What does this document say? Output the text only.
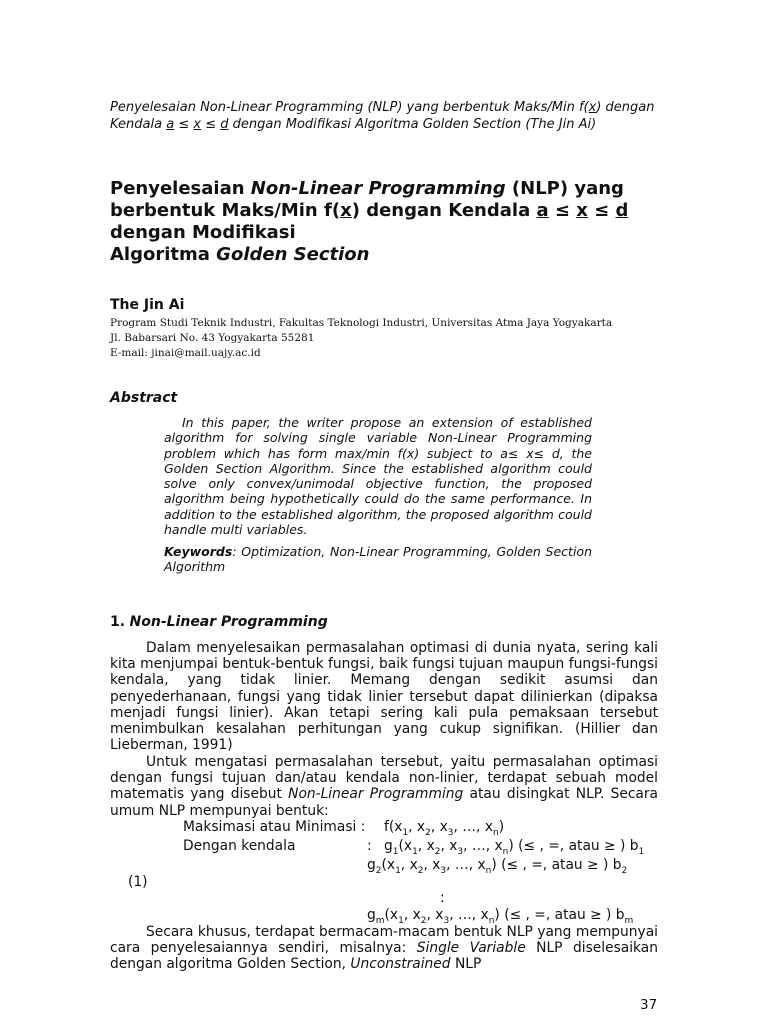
Penyelesaian Non-Linear Programming (NLP) yang berbentuk Maks/Min f(x) dengan
Kendala a ≤ x ≤ d dengan Modifikasi Algoritma Golden Section (The Jin Ai)
Penyelesaian Non-Linear Programming (NLP) yang
berbentuk Maks/Min f(x) dengan Kendala a ≤ x ≤ d
dengan Modifikasi
Algoritma Golden Section
The Jin Ai
Program Studi Teknik Industri, Fakultas Teknologi Industri, Universitas Atma Jaya Yogyakarta
Jl. Babarsari No. 43 Yogyakarta 55281
E-mail: jinai@mail.uajy.ac.id
Abstract

In this paper, the writer propose an extension of established algorithm for solving single variable Non-Linear Programming problem which has form max/min f(x) subject to a≤ x≤ d, the Golden Section Algorithm. Since the established algorithm could solve only convex/unimodal objective function, the proposed algorithm being hypothetically could do the same performance. In addition to the established algorithm, the proposed algorithm could handle multi variables.

Keywords: Optimization, Non-Linear Programming, Golden Section Algorithm
1. Non-Linear Programming

Dalam menyelesaikan permasalahan optimasi di dunia nyata, sering kali kita menjumpai bentuk-bentuk fungsi, baik fungsi tujuan maupun fungsi-fungsi kendala, yang tidak linier. Memang dengan sedikit asumsi dan penyederhanaan, fungsi yang tidak linier tersebut dapat dilinierkan (dipaksa menjadi fungsi linier). Akan tetapi sering kali pula pemaksaan tersebut menimbulkan kesalahan perhitungan yang cukup signifikan. (Hillier dan Lieberman, 1991)

Untuk mengatasi permasalahan tersebut, yaitu permasalahan optimasi dengan fungsi tujuan dan/atau kendala non-linier, terdapat sebuah model matematis yang disebut Non-Linear Programming atau disingkat NLP. Secara umum NLP mempunyai bentuk:

Maksimasi atau Minimasi : $f(x_1$, $x_2$, $x_3$, …, $x_n$)
Dengan kendala	: $g_1(x_1$, $x_2$, $x_3$, …, $x_n$) (≤ , =, atau ≥ ) $b_1$
$g_2(x_1$, $x_2$, $x_3$, …, $x_n$) (≤ , =, atau ≥ ) $b_2$
(1)
:
$g_m(x_1$, $x_2$, $x_3$, …, $x_n$) (≤ , =, atau ≥ ) $b_m$

Secara khusus, terdapat bermacam-macam bentuk NLP yang mempunyai cara penyelesaiannya sendiri, misalnya: Single Variable NLP diselesaikan dengan algoritma Golden Section, Unconstrained NLP

37
